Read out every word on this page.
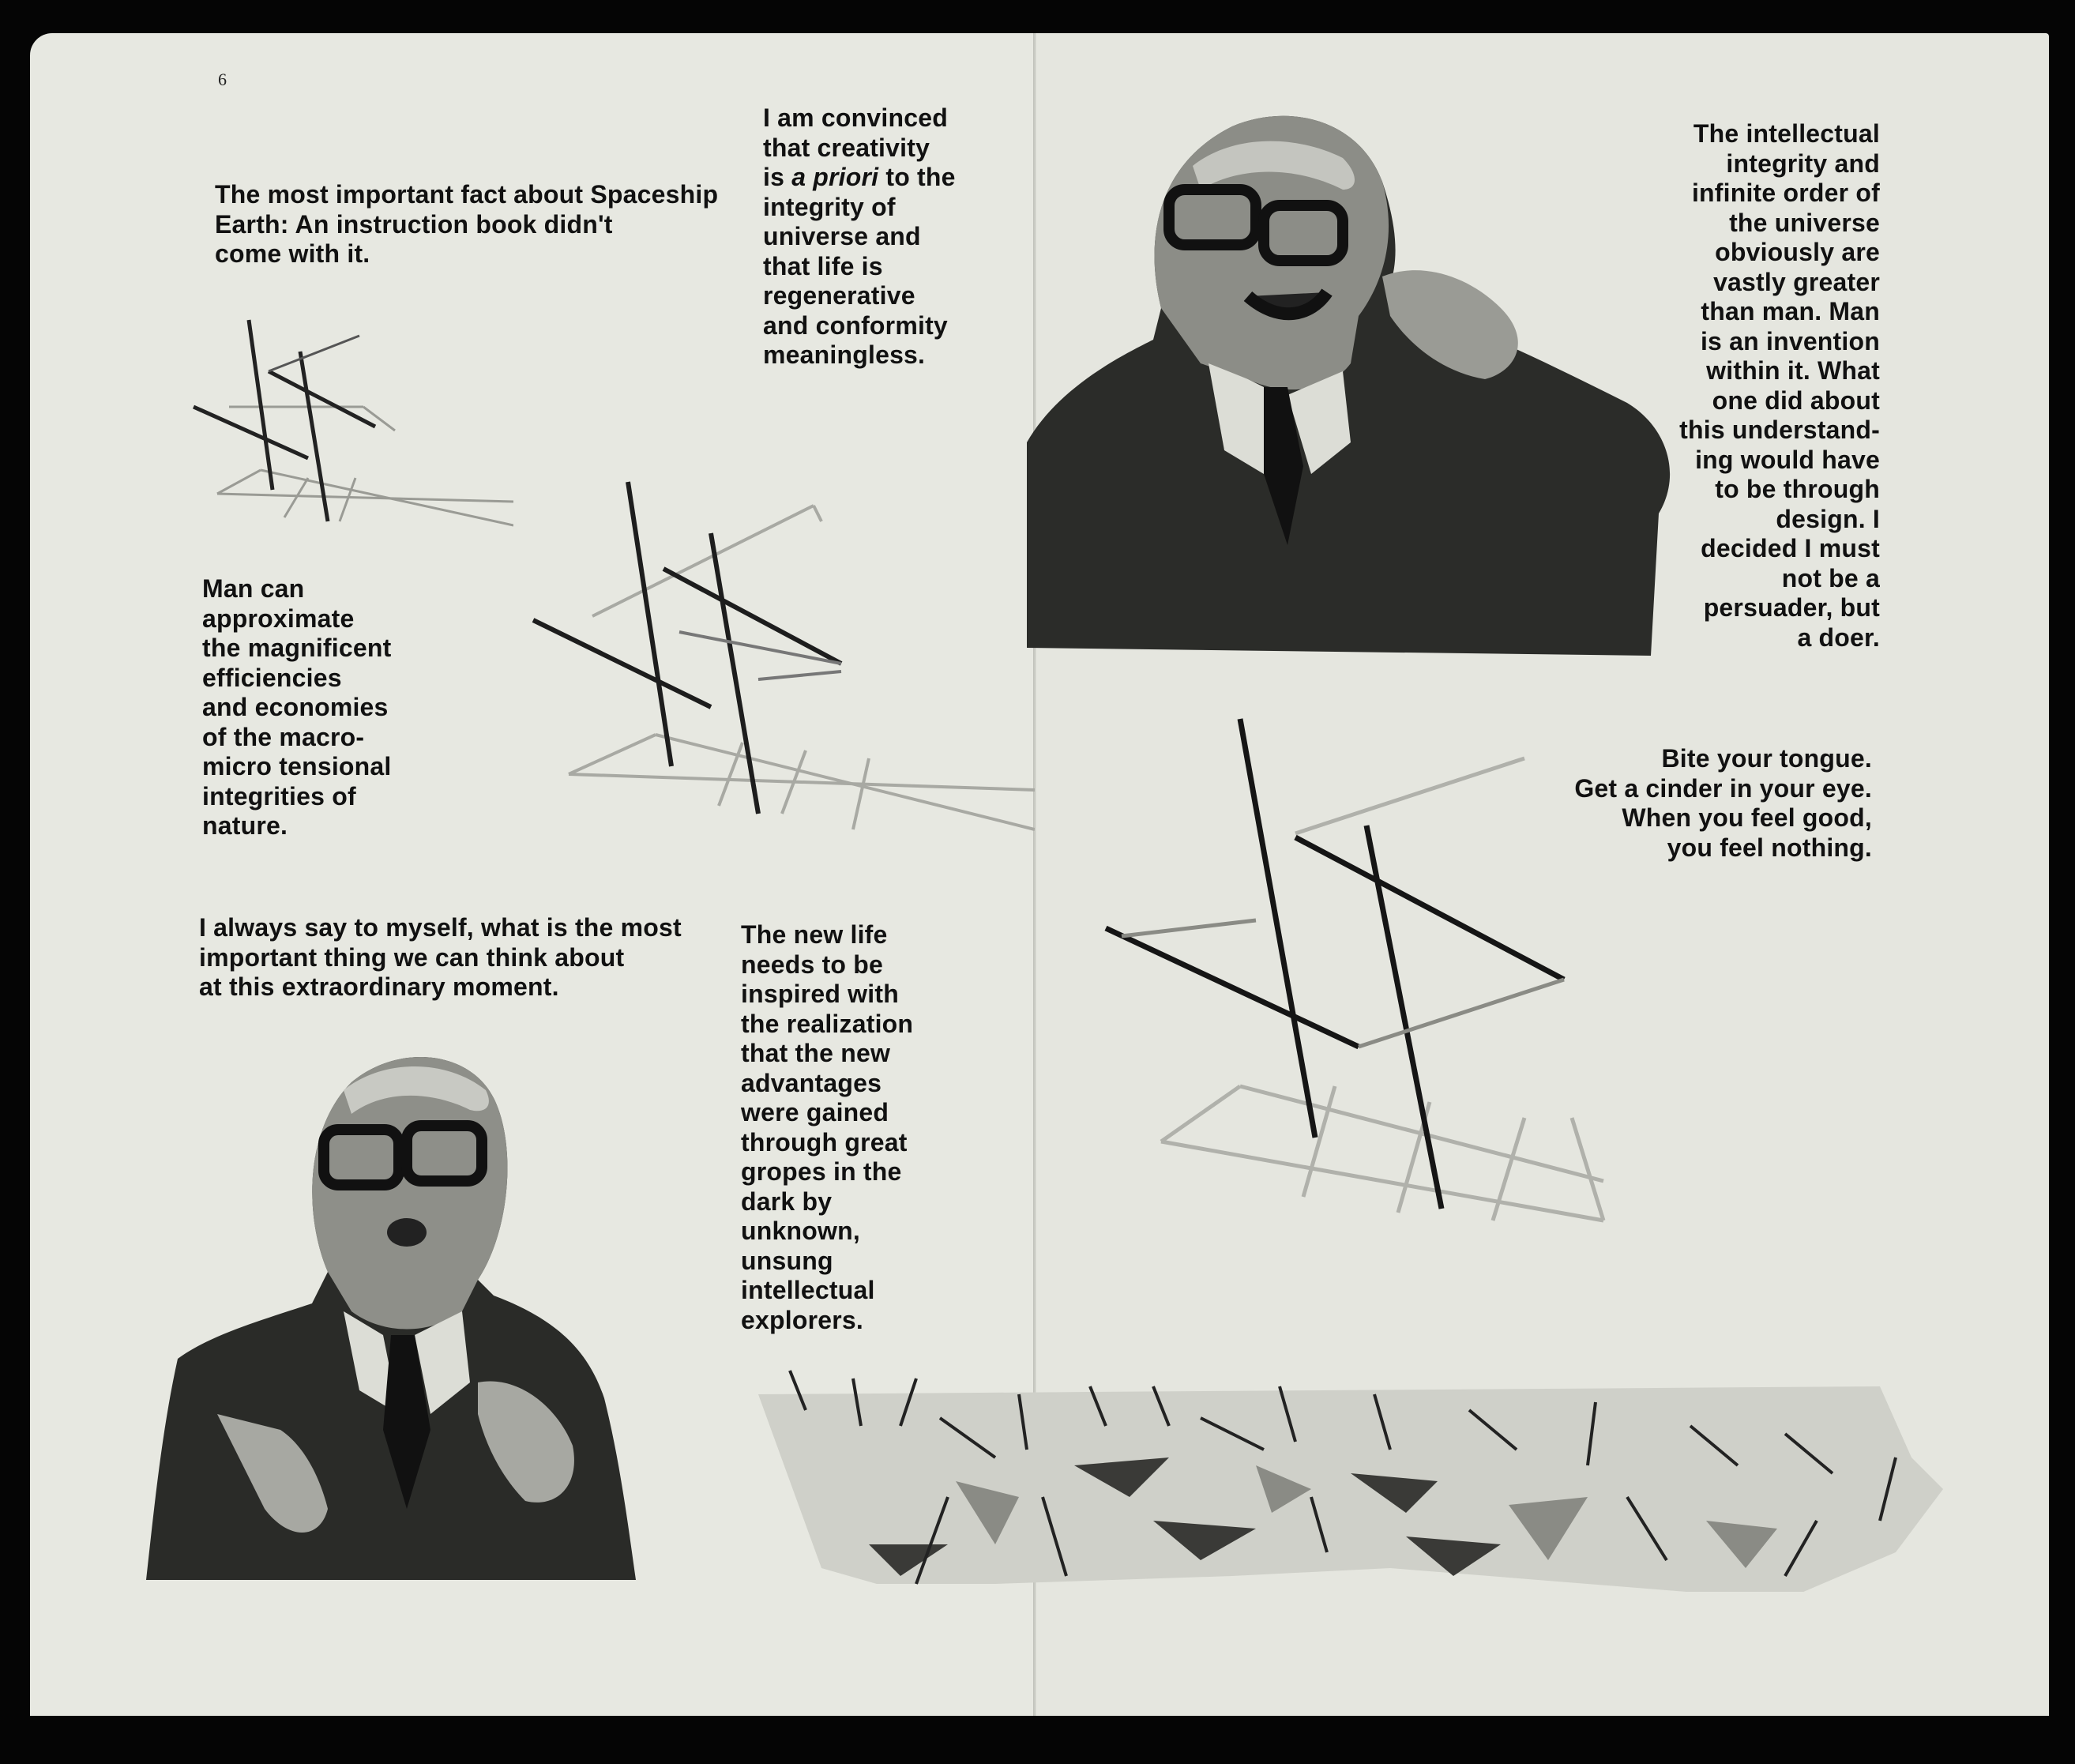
6

The most important fact about Spaceship
Earth: An instruction book didn't
come with it.

I am convinced
that creativity
is a priori to the
integrity of
universe and
that life is
regenerative
and conformity
meaningless.

Man can
approximate
the magnificent
efficiencies
and economies
of the macro-
micro tensional
integrities of
nature.

I always say to myself, what is the most
important thing we can think about
at this extraordinary moment.

The new life
needs to be
inspired with
the realization
that the new
advantages
were gained
through great
gropes in the
dark by
unknown,
unsung
intellectual
explorers.

The intellectual
integrity and
infinite order of
the universe
obviously are
vastly greater
than man. Man
is an invention
within it. What
one did about
this understand-
ing would have
to be through
design. I
decided I must
not be a
persuader, but
a doer.

Bite your tongue.
Get a cinder in your eye.
When you feel good,
you feel nothing.
